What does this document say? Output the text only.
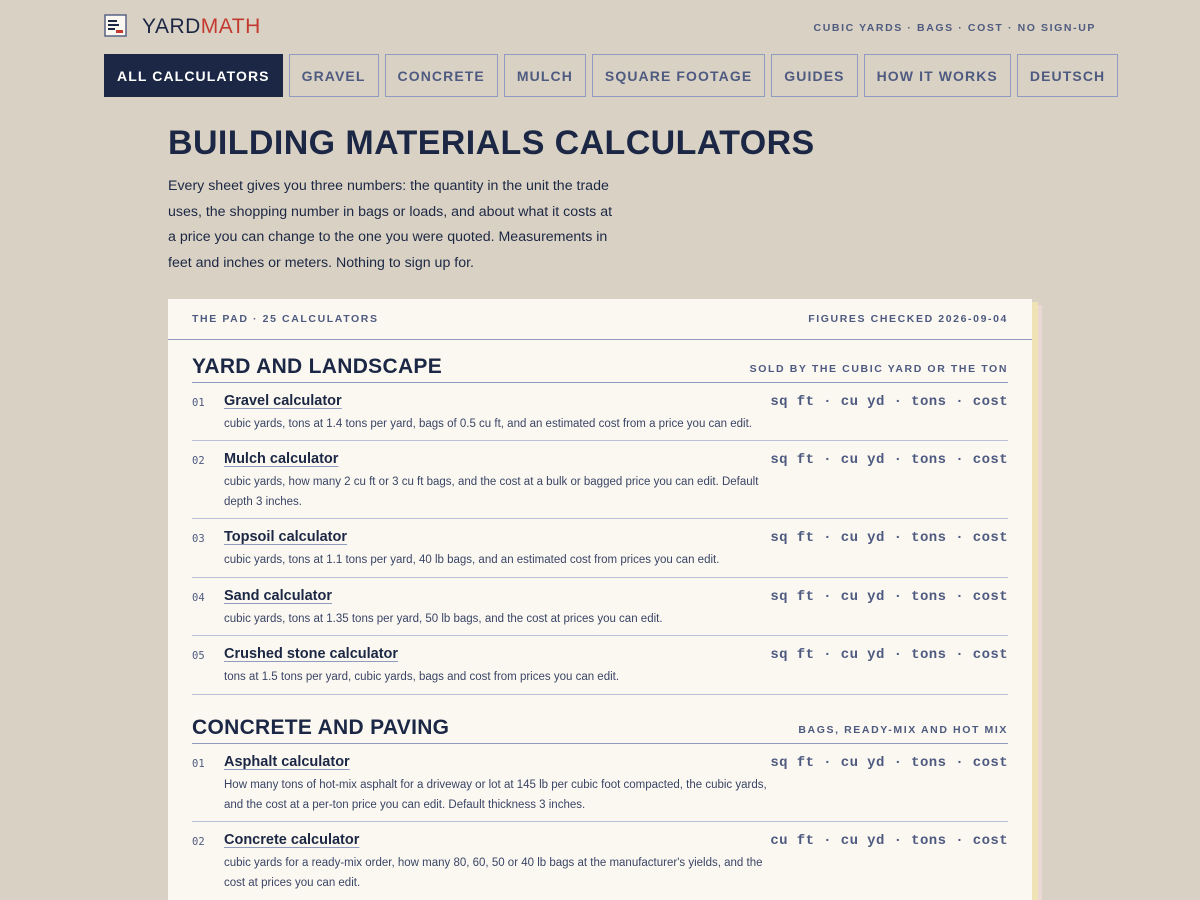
YARDMATH	CUBIC YARDS · BAGS · COST · NO SIGN-UP
ALL CALCULATORS	GRAVEL	CONCRETE	MULCH	SQUARE FOOTAGE	GUIDES	HOW IT WORKS	DEUTSCH
BUILDING MATERIALS CALCULATORS

Every sheet gives you three numbers: the quantity in the unit the trade uses, the shopping number in bags or loads, and about what it costs at a price you can change to the one you were quoted. Measurements in feet and inches or meters. Nothing to sign up for.

THE PAD · 25 CALCULATORS	FIGURES CHECKED 2026-09-04
YARD AND LANDSCAPE	SOLD BY THE CUBIC YARD OR THE TON
01 Gravel calculator
cubic yards, tons at 1.4 tons per yard, bags of 0.5 cu ft, and an estimated cost from a price you can edit.
sq ft · cu yd · tons · cost
02 Mulch calculator
cubic yards, how many 2 cu ft or 3 cu ft bags, and the cost at a bulk or bagged price you can edit. Default depth 3 inches.
sq ft · cu yd · tons · cost
03 Topsoil calculator
cubic yards, tons at 1.1 tons per yard, 40 lb bags, and an estimated cost from prices you can edit.
sq ft · cu yd · tons · cost
04 Sand calculator
cubic yards, tons at 1.35 tons per yard, 50 lb bags, and the cost at prices you can edit.
sq ft · cu yd · tons · cost
05 Crushed stone calculator
tons at 1.5 tons per yard, cubic yards, bags and cost from prices you can edit.
sq ft · cu yd · tons · cost
CONCRETE AND PAVING	BAGS, READY-MIX AND HOT MIX
01 Asphalt calculator
How many tons of hot-mix asphalt for a driveway or lot at 145 lb per cubic foot compacted, the cubic yards, and the cost at a per-ton price you can edit. Default thickness 3 inches.
sq ft · cu yd · tons · cost
02 Concrete calculator
cubic yards for a ready-mix order, how many 80, 60, 50 or 40 lb bags at the manufacturer's yields, and the cost at prices you can edit.
cu ft · cu yd · tons · cost
